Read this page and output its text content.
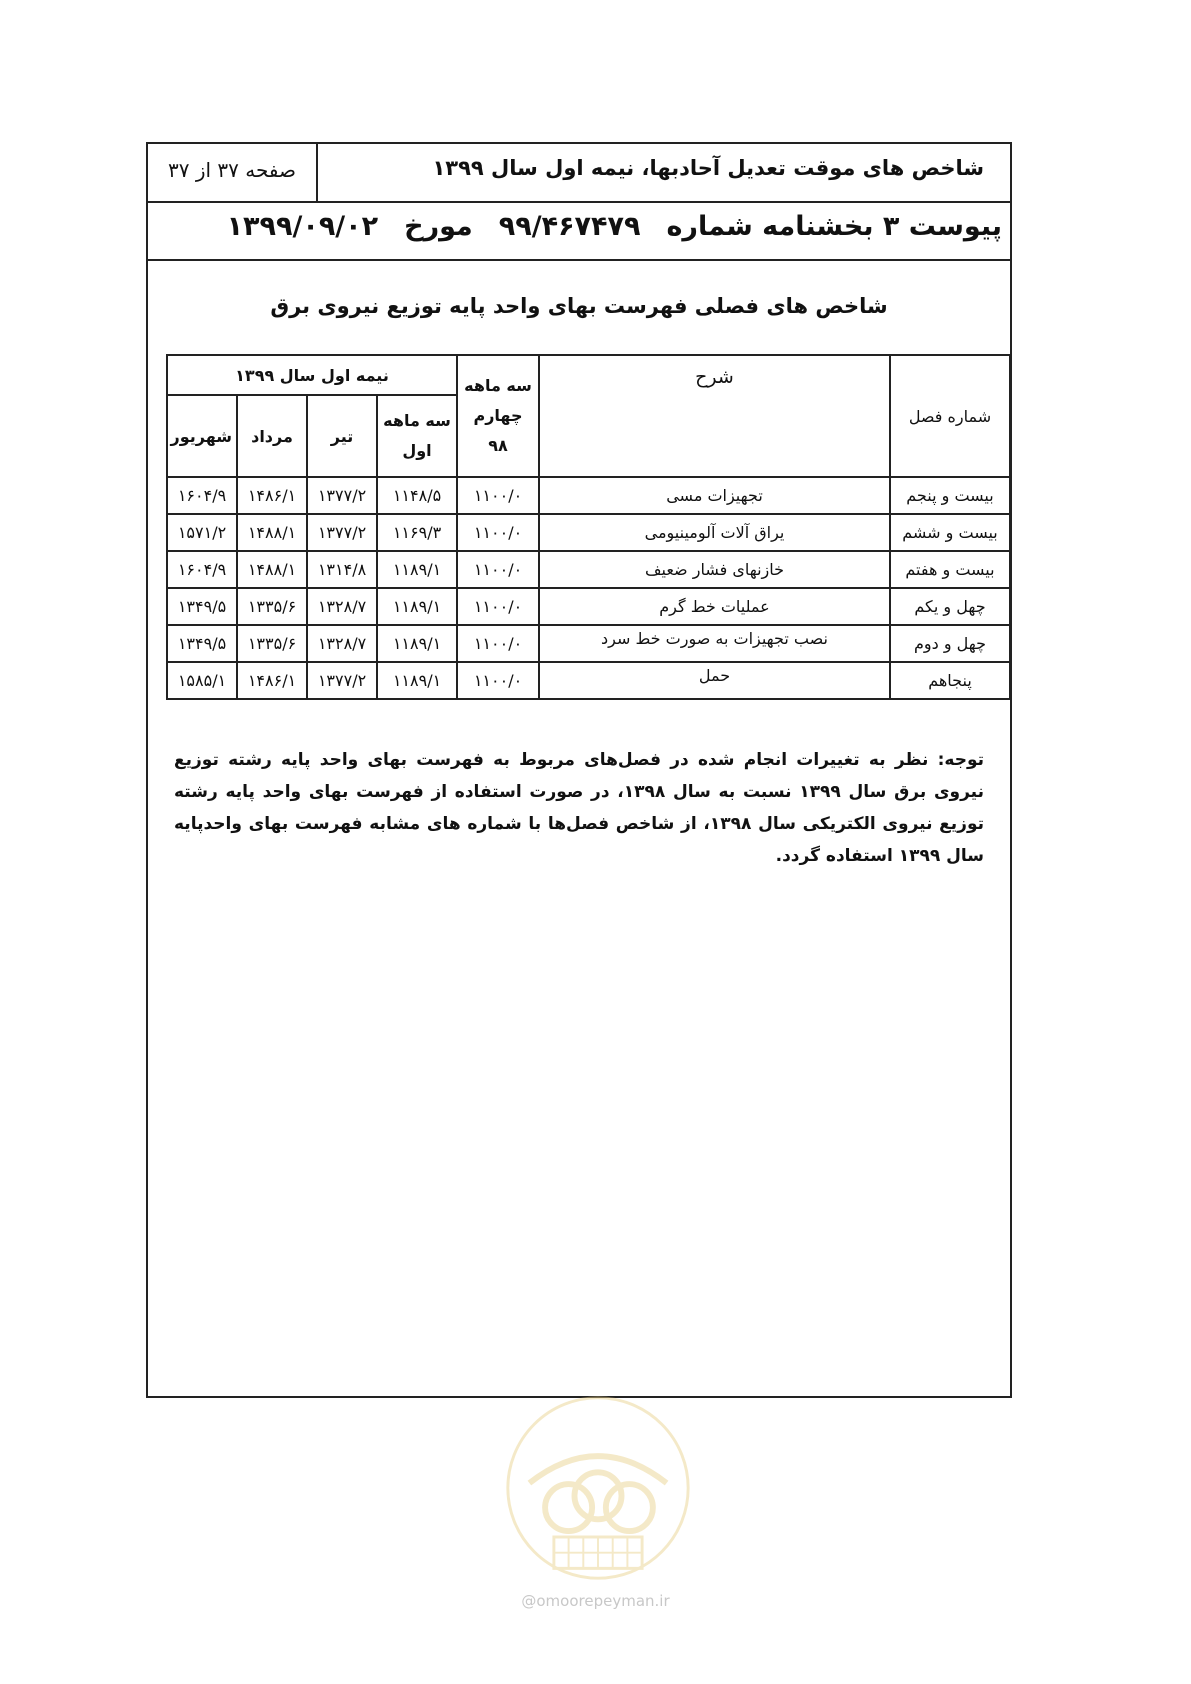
شاخص های موقت تعدیل آحادبها، نیمه اول سال ۱۳۹۹
صفحه ۳۷ از ۳۷
پیوست ۳ بخشنامه شماره۹۹/۴۶۷۴۷۹مورخ۱۳۹۹/۰۹/۰۲
شاخص های فصلی فهرست بهای واحد پایه توزیع نیروی برق
شماره فصل	شرح	سه ماهه چهارم ۹۸	نیمه اول سال ۱۳۹۹			
			سه ماهه اول	تیر	مرداد	شهریور
بیست و پنجم	تجهیزات مسی	۱۱۰۰/۰	۱۱۴۸/۵	۱۳۷۷/۲	۱۴۸۶/۱	۱۶۰۴/۹
بیست و ششم	یراق آلات آلومینیومی	۱۱۰۰/۰	۱۱۶۹/۳	۱۳۷۷/۲	۱۴۸۸/۱	۱۵۷۱/۲
بیست و هفتم	خازنهای فشار ضعیف	۱۱۰۰/۰	۱۱۸۹/۱	۱۳۱۴/۸	۱۴۸۸/۱	۱۶۰۴/۹
چهل و یکم	عملیات خط گرم	۱۱۰۰/۰	۱۱۸۹/۱	۱۳۲۸/۷	۱۳۳۵/۶	۱۳۴۹/۵
چهل و دوم	نصب تجهیزات به صورت خط سرد	۱۱۰۰/۰	۱۱۸۹/۱	۱۳۲۸/۷	۱۳۳۵/۶	۱۳۴۹/۵
پنجاهم	حمل	۱۱۰۰/۰	۱۱۸۹/۱	۱۳۷۷/۲	۱۴۸۶/۱	۱۵۸۵/۱
توجه: نظر به تغییرات انجام شده در فصل‌های مربوط به فهرست بهای واحد پایه رشته توزیع نیروی برق سال ۱۳۹۹ نسبت به سال ۱۳۹۸، در صورت استفاده از فهرست بهای واحد پایه رشته توزیع نیروی الکتریکی سال ۱۳۹۸، از شاخص فصل‌ها با شماره های مشابه فهرست بهای واحدپایه سال ۱۳۹۹ استفاده گردد.
@omoorepeyman.ir
